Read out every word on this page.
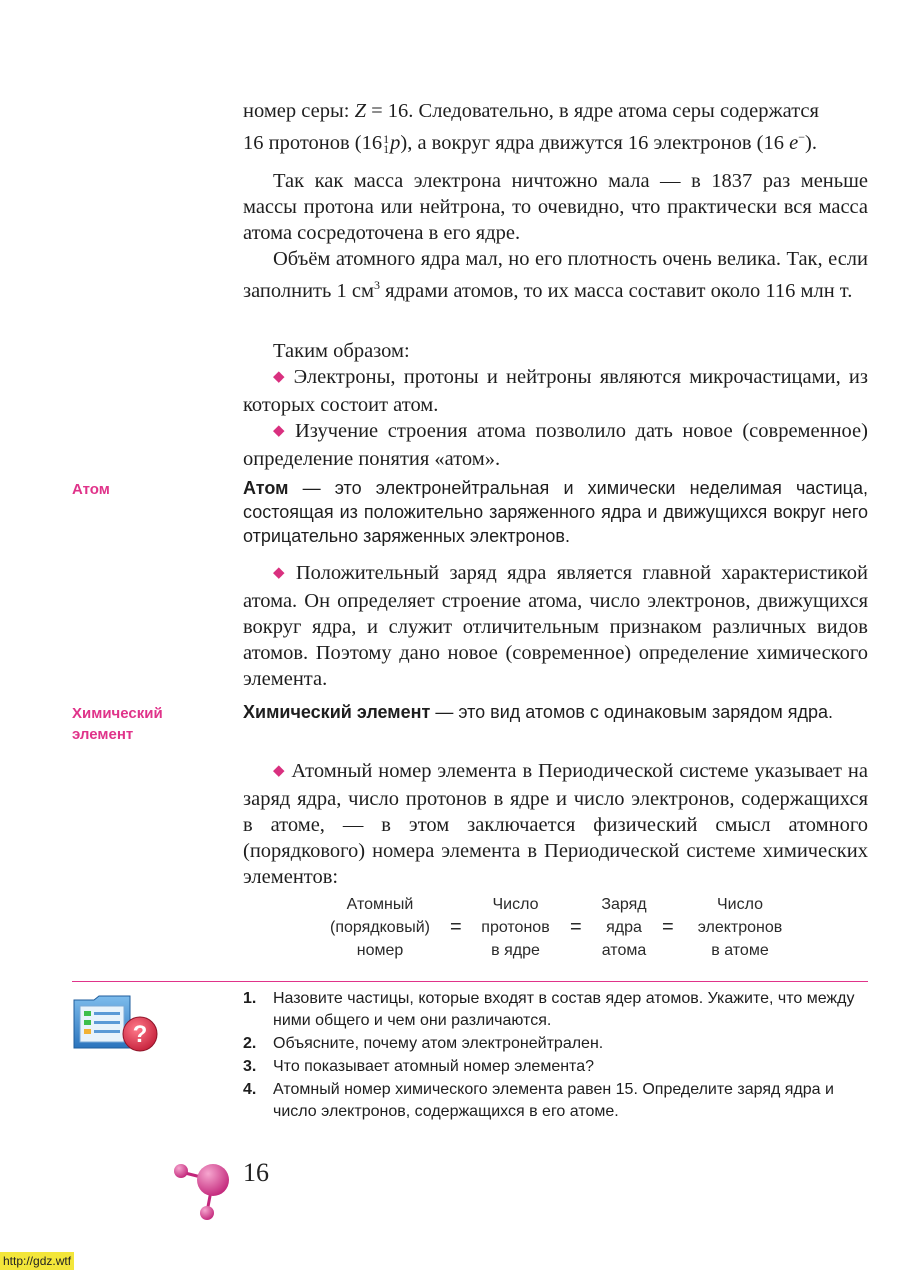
номер серы: Z = 16. Следовательно, в ядре атома серы содержатся

16 протонов (16 1
1 p), а вокруг ядра движутся 16 электронов (16 e−).

Так как масса электрона ничтожно мала — в 1837 раз меньше массы протона или нейтрона, то очевидно, что практически вся масса атома сосредоточена в его ядре.

Объём атомного ядра мал, но его плотность очень велика. Так, если заполнить 1 $см^3$ ядрами атомов, то их масса составит около 116 млн т.

Таким образом:

◆ Электроны, протоны и нейтроны являются микрочастицами, из которых состоит атом.

◆ Изучение строения атома позволило дать новое (современное) определение понятия «атом».

Атом	Атом — это электронейтральная и химически неделимая частица, состоящая из положительно заряженного ядра и движущихся вокруг него отрицательно заряженных электронов.

◆ Положительный заряд ядра является главной характеристикой атома. Он определяет строение атома, число электронов, движущихся вокруг ядра, и служит отличительным признаком различных видов атомов. Поэтому дано новое (современное) определение химического элемента.

Химический
элемент

Химический элемент — это вид атомов с одинаковым зарядом ядра.

◆ Атомный номер элемента в Периодической системе указывает на заряд ядра, число протонов в ядре и число электронов, содержащихся в атоме, — в этом заключается физический смысл атомного (порядкового) номера элемента в Периодической системе химических элементов:

Атомный
(порядковый)
номер
=
Число
протонов
в ядре
=
Заряд
ядра
атома
=
Число
электронов
в атоме
?
1. Назовите частицы, которые входят в состав ядер атомов. Укажите, что между ними общего и чем они различаются.
2. Объясните, почему атом электронейтрален.
3. Что показывает атомный номер элемента?
4. Атомный номер химического элемента равен 15. Определите заряд ядра и число электронов, содержащихся в его атоме.
16
http://gdz.wtf
